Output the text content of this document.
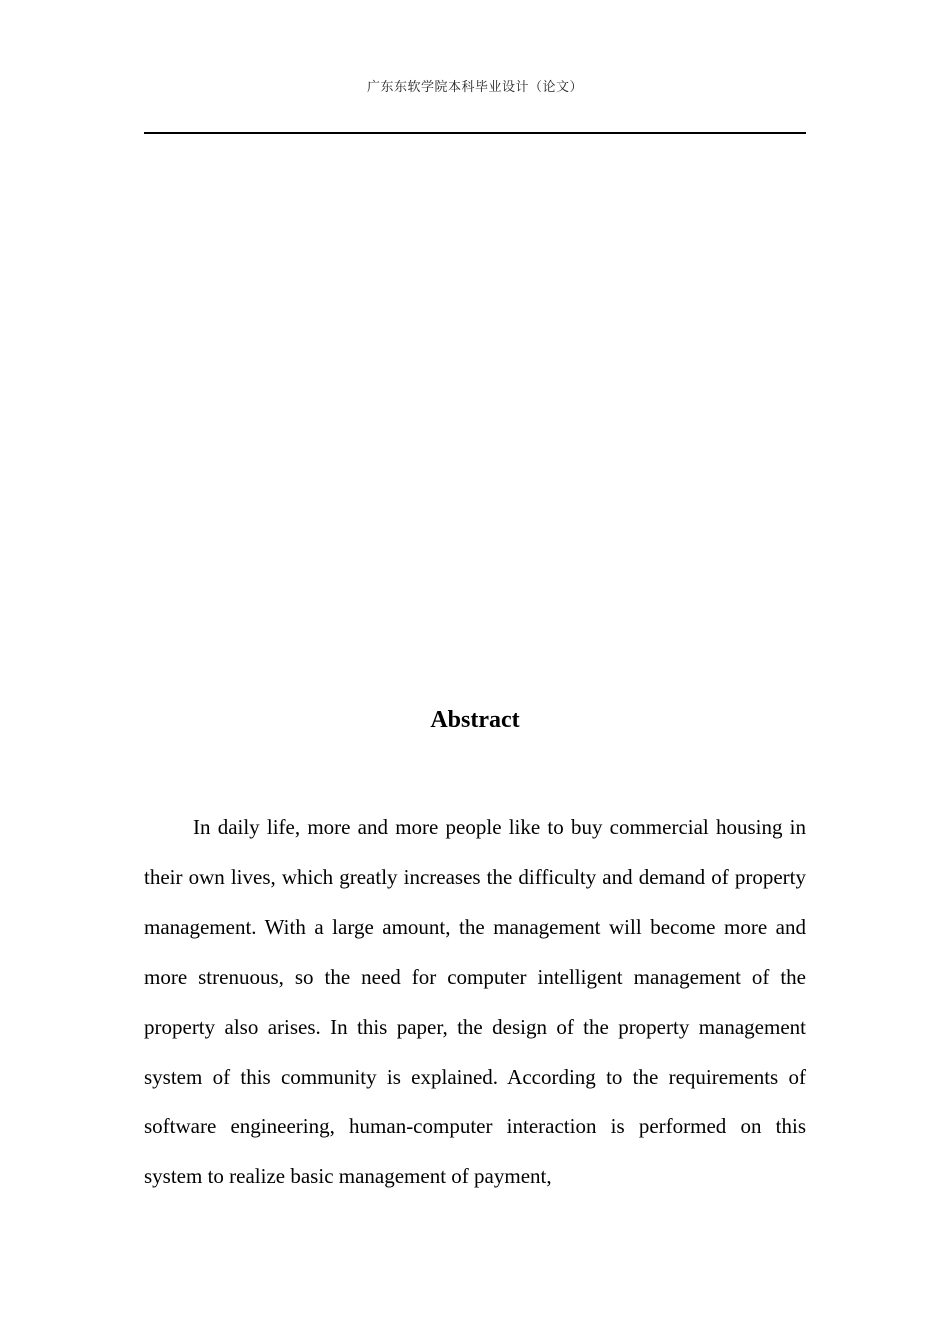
广东东软学院本科毕业设计（论文）
Abstract

In daily life, more and more people like to buy commercial housing in their own lives, which greatly increases the difficulty and demand of property management. With a large amount, the management will become more and more strenuous, so the need for computer intelligent management of the property also arises. In this paper, the design of the property management system of this community is explained. According to the requirements of software engineering, human-computer interaction is performed on this system to realize basic management of payment,
